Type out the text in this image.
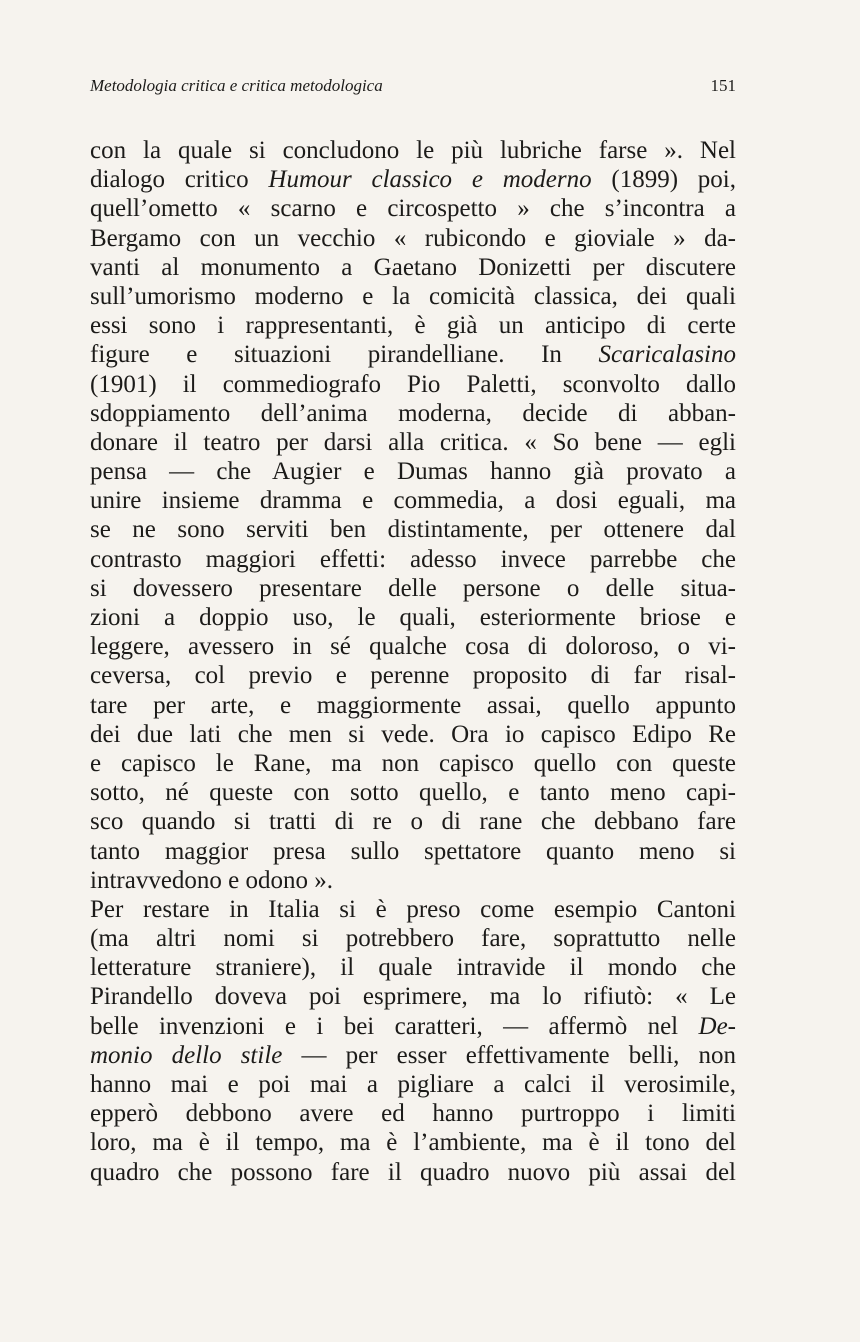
Metodologia critica e critica metodologica	151
con la quale si concludono le più lubriche farse ». Nel
dialogo critico Humour classico e moderno (1899) poi,
quell’ometto « scarno e circospetto » che s’incontra a
Bergamo con un vecchio « rubicondo e gioviale » da-
vanti al monumento a Gaetano Donizetti per discutere
sull’umorismo moderno e la comicità classica, dei quali
essi sono i rappresentanti, è già un anticipo di certe
figure e situazioni pirandelliane. In Scaricalasino
(1901) il commediografo Pio Paletti, sconvolto dallo
sdoppiamento dell’anima moderna, decide di abban-
donare il teatro per darsi alla critica. « So bene — egli
pensa — che Augier e Dumas hanno già provato a
unire insieme dramma e commedia, a dosi eguali, ma
se ne sono serviti ben distintamente, per ottenere dal
contrasto maggiori effetti: adesso invece parrebbe che
si dovessero presentare delle persone o delle situa-
zioni a doppio uso, le quali, esteriormente briose e
leggere, avessero in sé qualche cosa di doloroso, o vi-
ceversa, col previo e perenne proposito di far risal-
tare per arte, e maggiormente assai, quello appunto
dei due lati che men si vede. Ora io capisco Edipo Re
e capisco le Rane, ma non capisco quello con queste
sotto, né queste con sotto quello, e tanto meno capi-
sco quando si tratti di re o di rane che debbano fare
tanto maggior presa sullo spettatore quanto meno si
intravvedono e odono ».
Per restare in Italia si è preso come esempio Cantoni
(ma altri nomi si potrebbero fare, soprattutto nelle
letterature straniere), il quale intravide il mondo che
Pirandello doveva poi esprimere, ma lo rifiutò: « Le
belle invenzioni e i bei caratteri, — affermò nel De-
monio dello stile — per esser effettivamente belli, non
hanno mai e poi mai a pigliare a calci il verosimile,
epperò debbono avere ed hanno purtroppo i limiti
loro, ma è il tempo, ma è l’ambiente, ma è il tono del
quadro che possono fare il quadro nuovo più assai del
